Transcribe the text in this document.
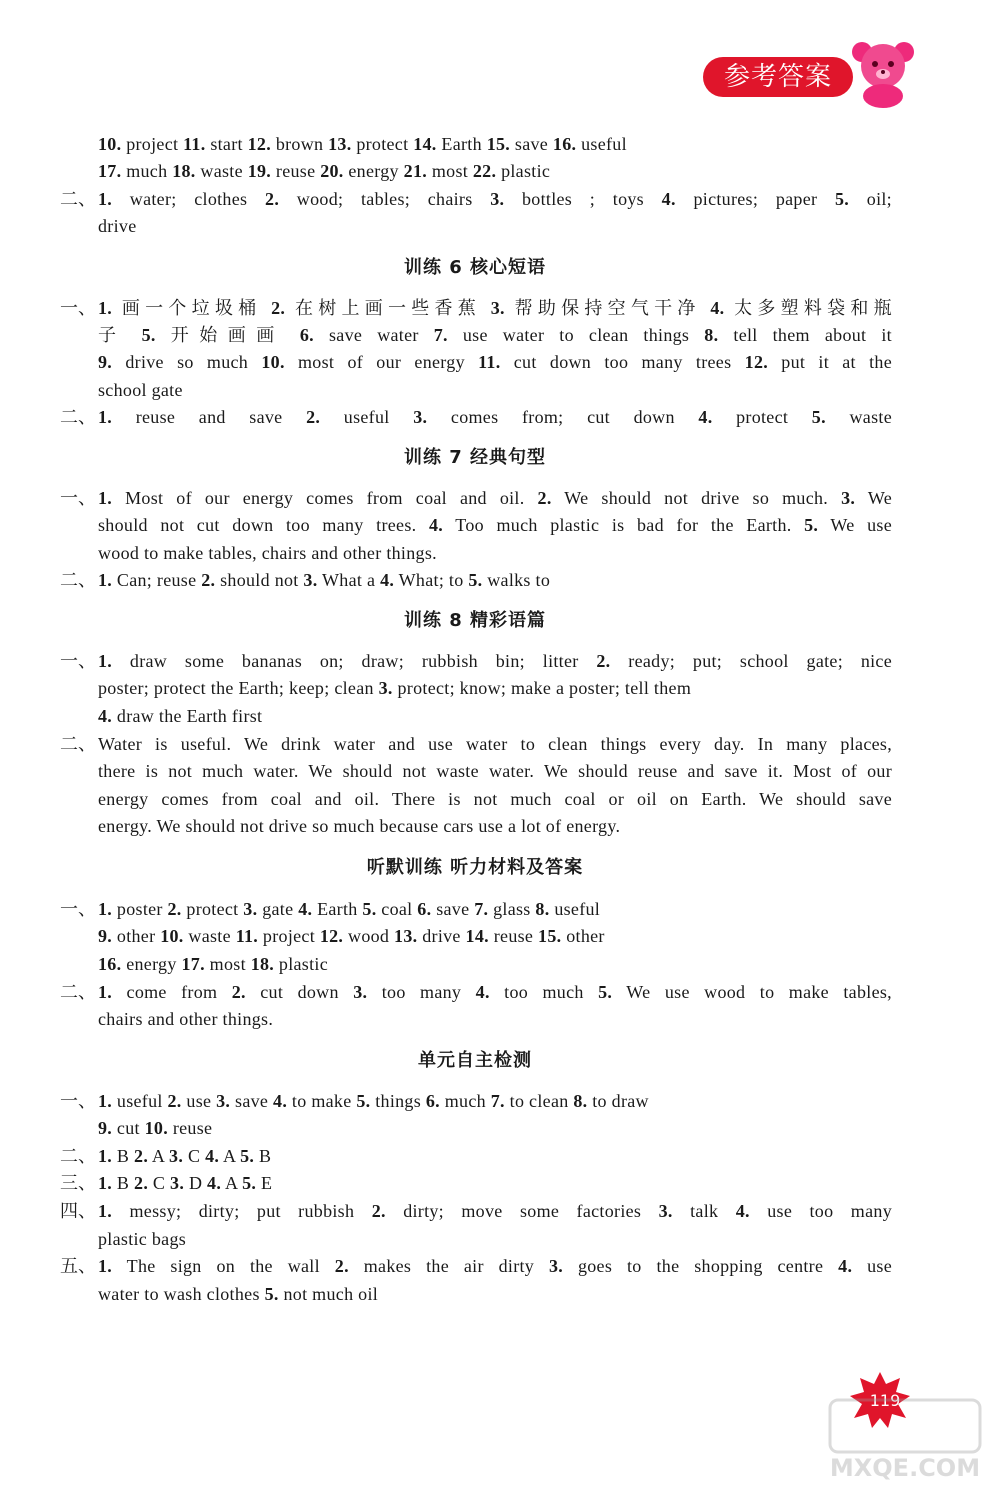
参考答案
10. project 11. start 12. brown 13. protect 14. Earth 15. save 16. useful
17. much 18. waste 19. reuse 20. energy 21. most 22. plastic
二、 1. water; clothes 2. wood; tables; chairs 3. bottles ; toys 4. pictures; paper 5. oil;
drive
训练 6 核心短语
一、 1. 画一个垃圾桶 2. 在树上画一些香蕉 3. 帮助保持空气干净 4. 太多塑料袋和瓶
子 5. 开始画画 6. save water 7. use water to clean things 8. tell them about it
9. drive so much 10. most of our energy 11. cut down too many trees 12. put it at the
school gate
二、 1. reuse and save 2. useful 3. comes from; cut down 4. protect 5. waste
训练 7 经典句型
一、 1. Most of our energy comes from coal and oil. 2. We should not drive so much. 3. We
should not cut down too many trees. 4. Too much plastic is bad for the Earth. 5. We use
wood to make tables, chairs and other things.
二、 1. Can; reuse 2. should not 3. What a 4. What; to 5. walks to
训练 8 精彩语篇
一、 1. draw some bananas on; draw; rubbish bin; litter 2. ready; put; school gate; nice
poster; protect the Earth; keep; clean 3. protect; know; make a poster; tell them
4. draw the Earth first
二、 Water is useful. We drink water and use water to clean things every day. In many places,
there is not much water. We should not waste water. We should reuse and save it. Most of our
energy comes from coal and oil. There is not much coal or oil on Earth. We should save
energy. We should not drive so much because cars use a lot of energy.
听默训练 听力材料及答案
一、 1. poster 2. protect 3. gate 4. Earth 5. coal 6. save 7. glass 8. useful
9. other 10. waste 11. project 12. wood 13. drive 14. reuse 15. other
16. energy 17. most 18. plastic
二、 1. come from 2. cut down 3. too many 4. too much 5. We use wood to make tables,
chairs and other things.
单元自主检测
一、 1. useful 2. use 3. save 4. to make 5. things 6. much 7. to clean 8. to draw
9. cut 10. reuse
二、 1. B 2. A 3. C 4. A 5. B
三、 1. B 2. C 3. D 4. A 5. E
四、 1. messy; dirty; put rubbish 2. dirty; move some factories 3. talk 4. use too many
plastic bags
五、 1. The sign on the wall 2. makes the air dirty 3. goes to the shopping centre 4. use
water to wash clothes 5. not much oil
119
MXQE.COM
